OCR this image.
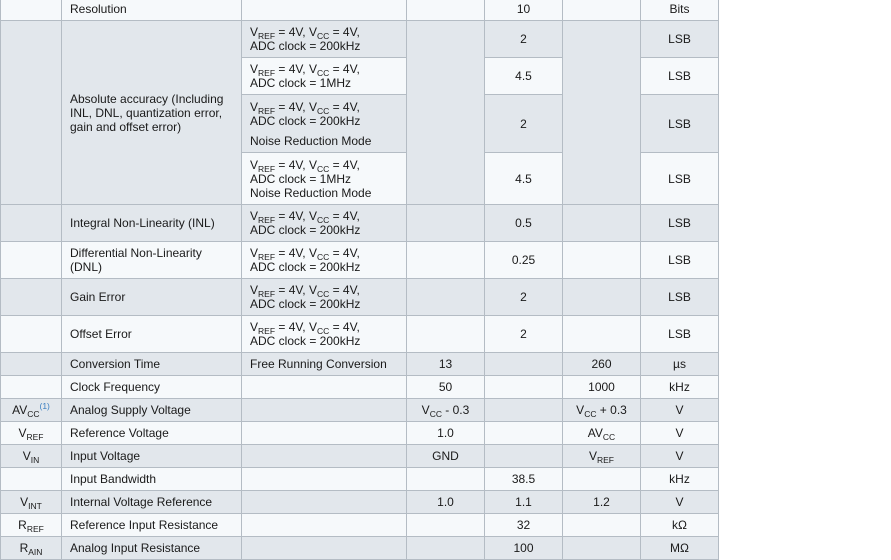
	Resolution			10		Bits
	Absolute accuracy (Including INL, DNL, quantization error, gain and offset error)	$V_{REF} = 4V$, $V_{CC} = 4V$,
ADC clock = 200kHz		2		LSB
		$V_{REF} = 4V$, $V_{CC} = 4V$,
ADC clock = 1MHz		4.5		LSB
		$V_{REF} = 4V$, $V_{CC} = 4V$,
ADC clock = 200kHz
Noise Reduction Mode		2		LSB
		$V_{REF} = 4V$, $V_{CC} = 4V$,
ADC clock = 1MHz
Noise Reduction Mode		4.5		LSB
	Integral Non-Linearity (INL)	$V_{REF} = 4V$, $V_{CC} = 4V$,
ADC clock = 200kHz		0.5		LSB
	Differential Non-Linearity (DNL)	$V_{REF} = 4V$, $V_{CC} = 4V$,
ADC clock = 200kHz		0.25		LSB
	Gain Error	$V_{REF} = 4V$, $V_{CC} = 4V$,
ADC clock = 200kHz		2		LSB
	Offset Error	$V_{REF} = 4V$, $V_{CC} = 4V$,
ADC clock = 200kHz		2		LSB
	Conversion Time	Free Running Conversion	13		260	µs
	Clock Frequency		50		1000	kHz
$AV_{CC}^{(1)}$	Analog Supply Voltage		$V_{CC} - 0.3$		$V_{CC} + 0.3$	V
$V_{REF}$	Reference Voltage		1.0		$AV_{CC}$	V
$V_{IN}$	Input Voltage		GND		$V_{REF}$	V
	Input Bandwidth			38.5		kHz
$V_{INT}$	Internal Voltage Reference		1.0	1.1	1.2	V
$R_{REF}$	Reference Input Resistance			32		kΩ
$R_{AIN}$	Analog Input Resistance			100		MΩ
